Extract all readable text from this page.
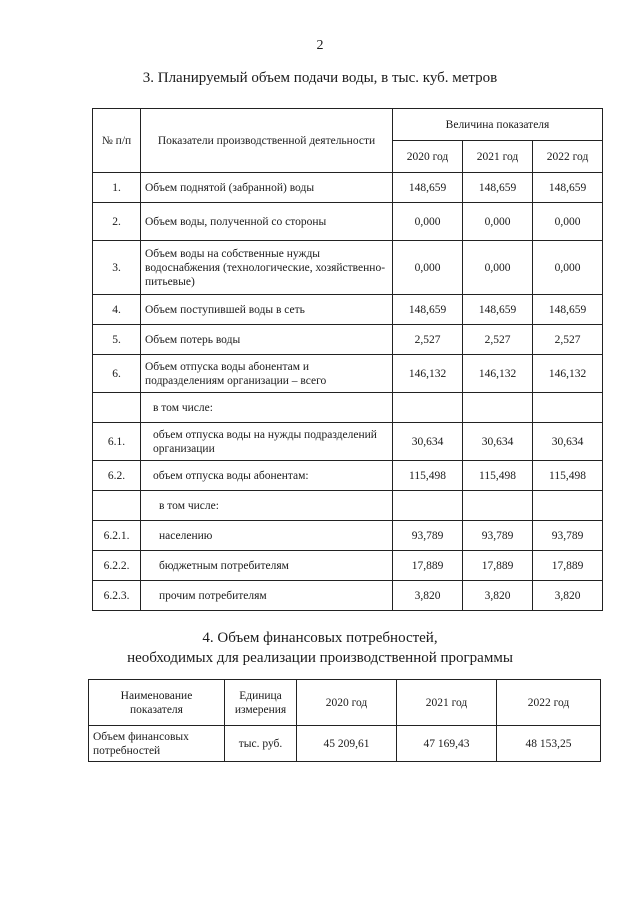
2
3. Планируемый объем подачи воды, в тыс. куб. метров
№ п/п	Показатели производственной деятельности	Величина показателя		
		2020 год	2021 год	2022 год
1.	Объем поднятой (забранной) воды	148,659	148,659	148,659
2.	Объем воды, полученной со стороны	0,000	0,000	0,000
3.	Объем воды на собственные нужды водоснабжения (технологические, хозяйственно-питьевые)	0,000	0,000	0,000
4.	Объем поступившей воды в сеть	148,659	148,659	148,659
5.	Объем потерь воды	2,527	2,527	2,527
6.	Объем отпуска воды абонентам и подразделениям организации – всего	146,132	146,132	146,132
	в том числе:			
6.1.	объем отпуска воды на нужды подразделений организации	30,634	30,634	30,634
6.2.	объем отпуска воды абонентам:	115,498	115,498	115,498
	в том числе:			
6.2.1.	населению	93,789	93,789	93,789
6.2.2.	бюджетным потребителям	17,889	17,889	17,889
6.2.3.	прочим потребителям	3,820	3,820	3,820
4. Объем финансовых потребностей,
необходимых для реализации производственной программы
Наименование показателя	Единица измерения	2020 год	2021 год	2022 год
Объем финансовых потребностей	тыс. руб.	45 209,61	47 169,43	48 153,25
